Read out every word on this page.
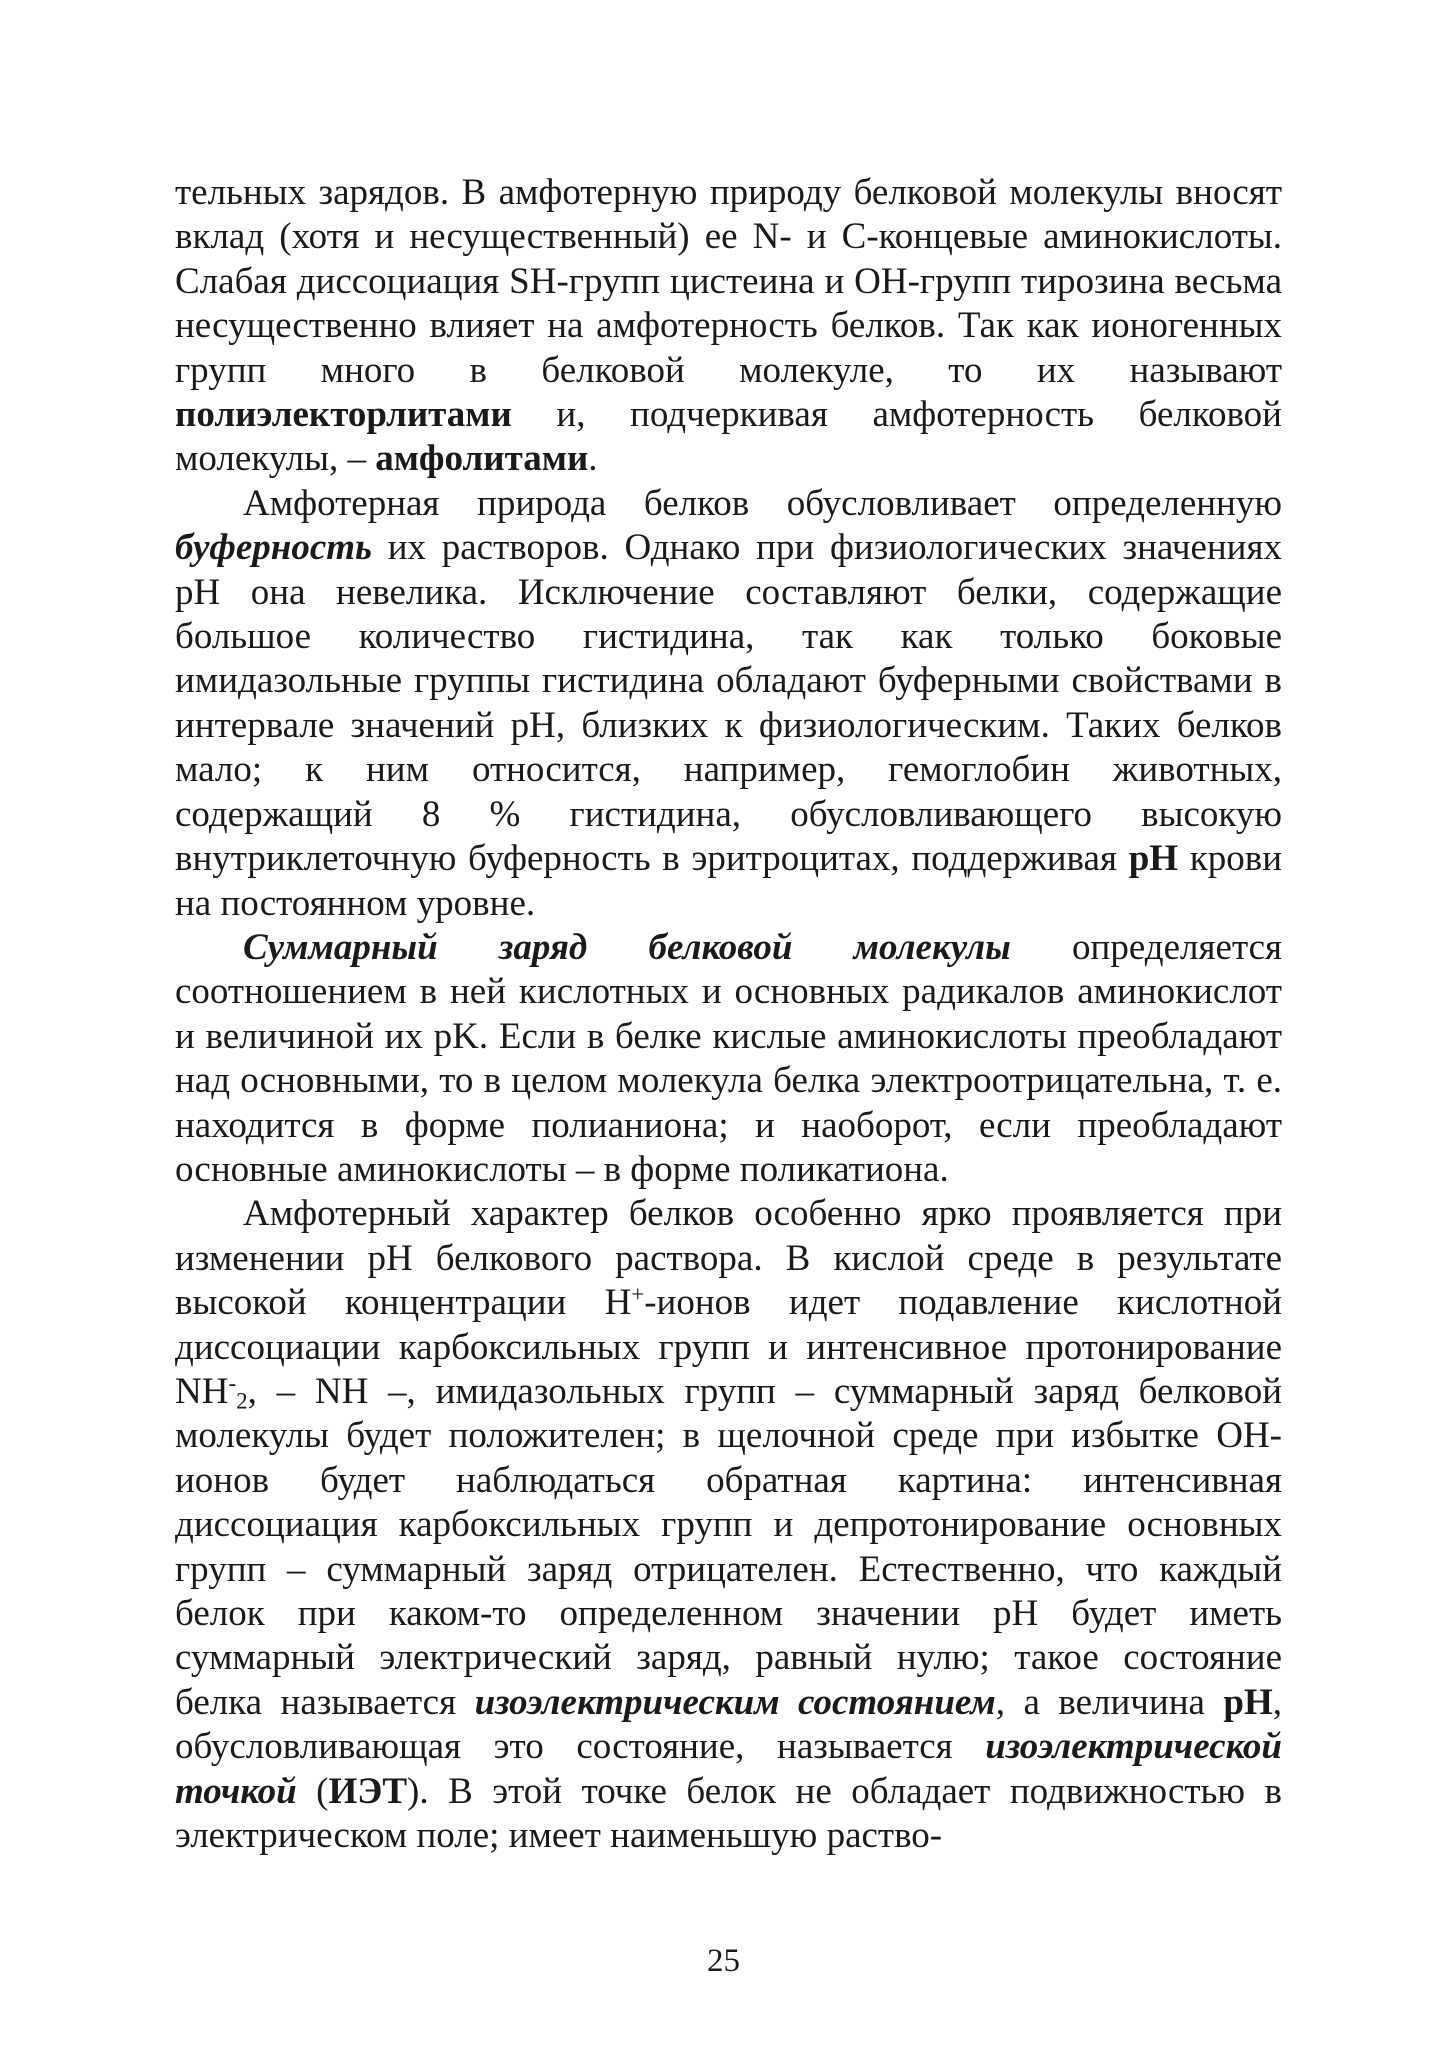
тельных зарядов. В амфотерную природу белковой молекулы вносят вклад (хотя и несущественный) ее N- и С-концевые аминокислоты. Слабая диссоциация SH-групп цистеина и OH-групп тирозина весьма несущественно влияет на амфотерность белков. Так как ионогенных групп много в белковой молекуле, то их называют полиэлекторлитами и, подчеркивая амфотерность белковой молекулы, – амфолитами.

Амфотерная природа белков обусловливает определенную буферность их растворов. Однако при физиологических значениях pH она невелика. Исключение составляют белки, содержащие большое количество гистидина, так как только боковые имидазольные группы гистидина обладают буферными свойствами в интервале значений pH, близких к физиологическим. Таких белков мало; к ним относится, например, гемоглобин животных, содержащий 8 % гистидина, обусловливающего высокую внутриклеточную буферность в эритроцитах, поддерживая pH крови на постоянном уровне.

Суммарный заряд белковой молекулы определяется соотношением в ней кислотных и основных радикалов аминокислот и величиной их pK. Если в белке кислые аминокислоты преобладают над основными, то в целом молекула белка электроотрицательна, т. е. находится в форме полианиона; и наоборот, если преобладают основные аминокислоты – в форме поликатиона.

Амфотерный характер белков особенно ярко проявляется при изменении pH белкового раствора. В кислой среде в результате высокой концентрации H+-ионов идет подавление кислотной диссоциации карбоксильных групп и интенсивное протонирование $NH^-_2$, – NH –, имидазольных групп – суммарный заряд белковой молекулы будет положителен; в щелочной среде при избытке OH-ионов будет наблюдаться обратная картина: интенсивная диссоциация карбоксильных групп и депротонирование основных групп – суммарный заряд отрицателен. Естественно, что каждый белок при каком-то определенном значении pH будет иметь суммарный электрический заряд, равный нулю; такое состояние белка называется изоэлектрическим состоянием, а величина pH, обусловливающая это состояние, называется изоэлектрической точкой (ИЭТ). В этой точке белок не обладает подвижностью в электрическом поле; имеет наименьшую раство-

25
